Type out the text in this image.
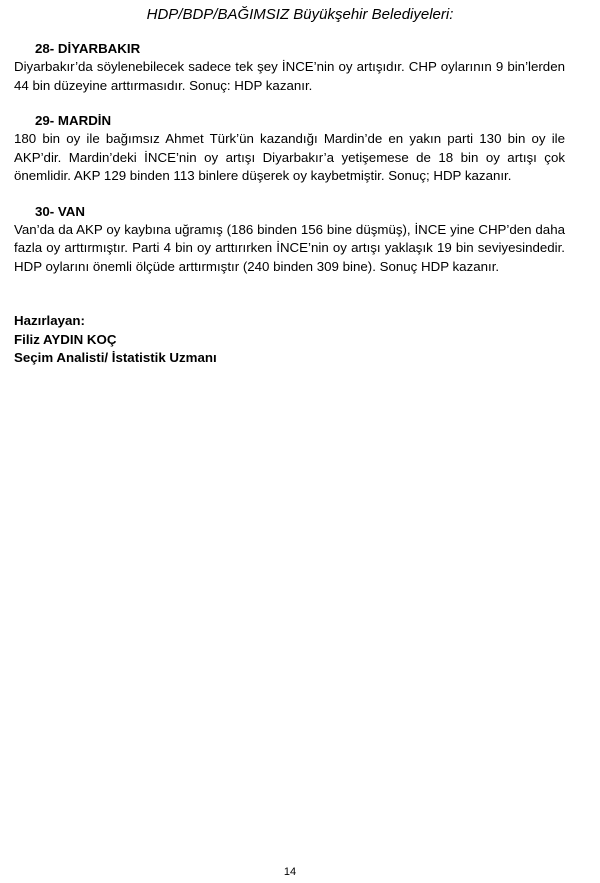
HDP/BDP/BAĞIMSIZ Büyükşehir Belediyeleri:

28- DİYARBAKIR

Diyarbakır’da söylenebilecek sadece tek şey İNCE’nin oy artışıdır. CHP oylarının 9 bin’lerden 44 bin düzeyine arttırmasıdır. Sonuç: HDP kazanır.

29- MARDİN

180 bin oy ile bağımsız Ahmet Türk’ün kazandığı Mardin’de en yakın parti 130 bin oy ile AKP’dir. Mardin’deki İNCE’nin oy artışı Diyarbakır’a yetişemese de 18 bin oy artışı çok önemlidir. AKP 129 binden 113 binlere düşerek oy kaybetmiştir. Sonuç; HDP kazanır.

30- VAN

Van’da da AKP oy kaybına uğramış (186 binden 156 bine düşmüş), İNCE yine CHP’den daha fazla oy arttırmıştır. Parti 4 bin oy arttırırken İNCE’nin oy artışı yaklaşık 19 bin seviyesindedir. HDP oylarını önemli ölçüde arttırmıştır (240 binden 309 bine). Sonuç HDP kazanır.

Hazırlayan:
Filiz AYDIN KOÇ
Seçim Analisti/ İstatistik Uzmanı
14
